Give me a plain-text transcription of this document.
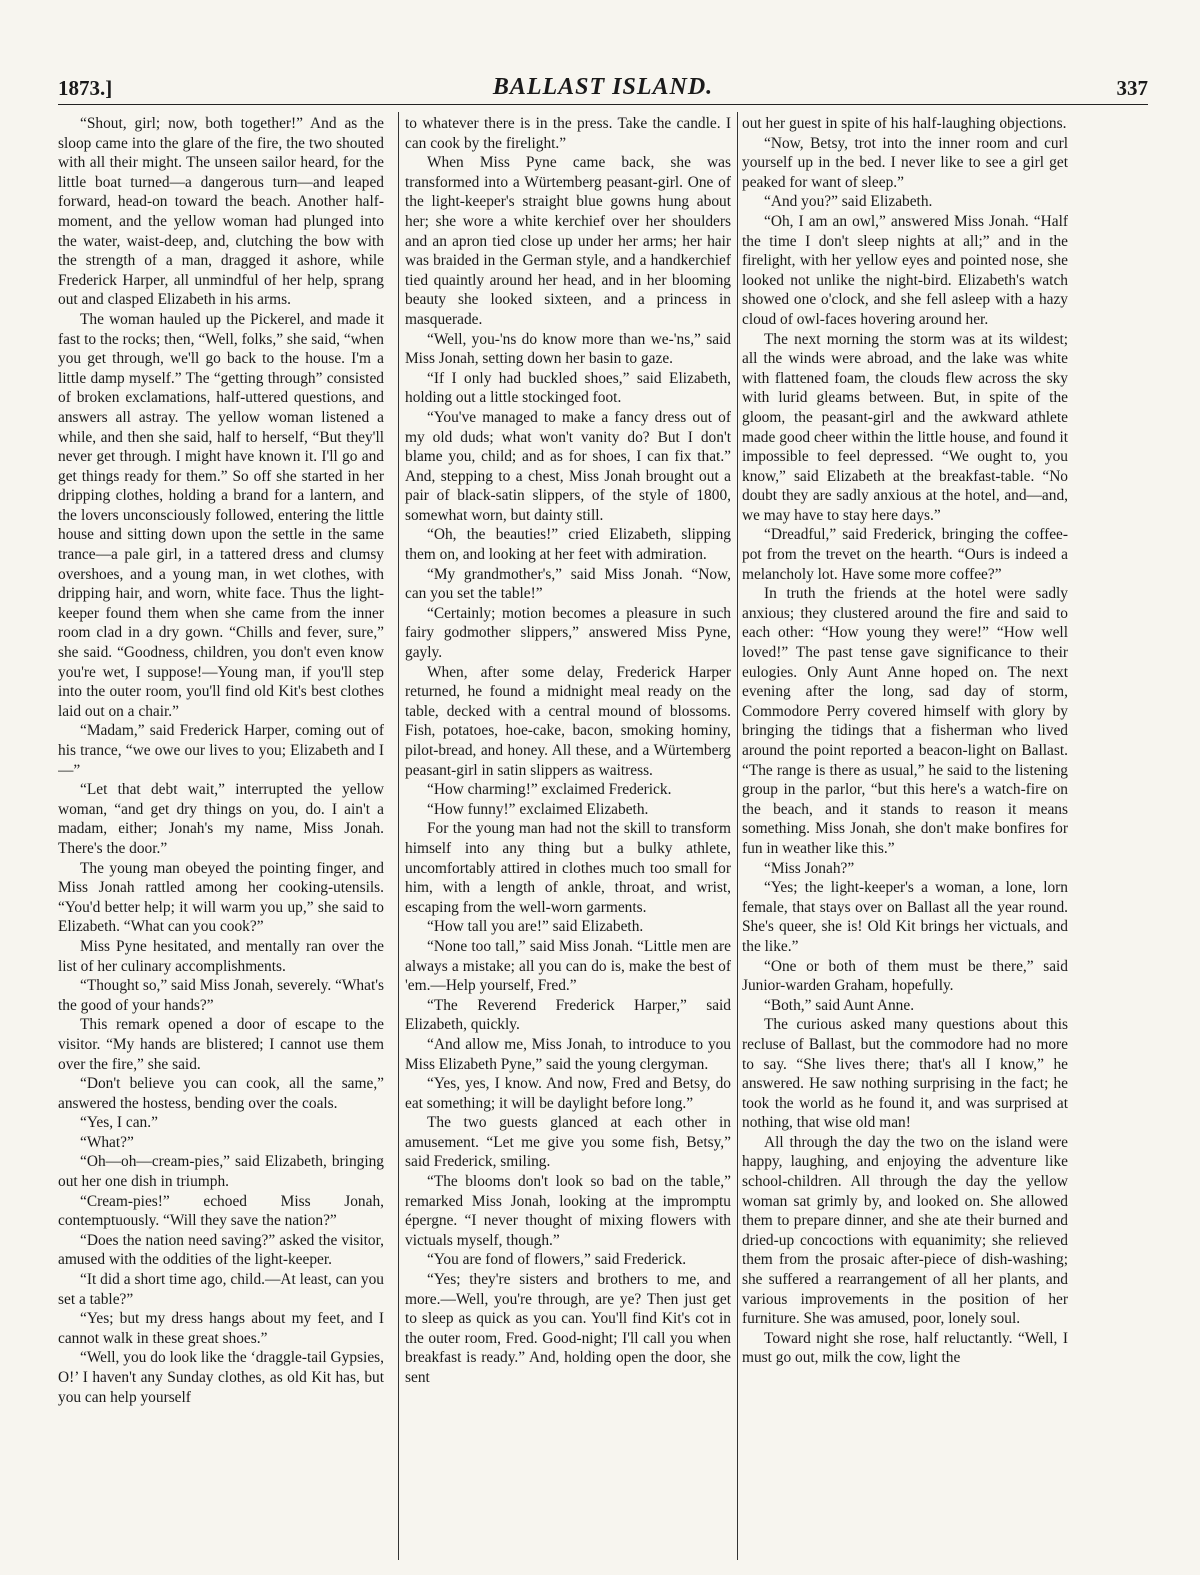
1873.]	BALLAST ISLAND.	337

“Shout, girl; now, both together!” And as the sloop came into the glare of the fire, the two shouted with all their might. The unseen sailor heard, for the little boat turned—a dangerous turn—and leaped forward, head-on toward the beach. Another half-moment, and the yellow woman had plunged into the water, waist-deep, and, clutching the bow with the strength of a man, dragged it ashore, while Frederick Harper, all unmindful of her help, sprang out and clasped Elizabeth in his arms.

The woman hauled up the Pickerel, and made it fast to the rocks; then, “Well, folks,” she said, “when you get through, we'll go back to the house. I'm a little damp myself.” The “getting through” consisted of broken exclamations, half-uttered questions, and answers all astray. The yellow woman listened a while, and then she said, half to herself, “But they'll never get through. I might have known it. I'll go and get things ready for them.” So off she started in her dripping clothes, holding a brand for a lantern, and the lovers unconsciously followed, entering the little house and sitting down upon the settle in the same trance—a pale girl, in a tattered dress and clumsy overshoes, and a young man, in wet clothes, with dripping hair, and worn, white face. Thus the light-keeper found them when she came from the inner room clad in a dry gown. “Chills and fever, sure,” she said. “Goodness, children, you don't even know you're wet, I suppose!—Young man, if you'll step into the outer room, you'll find old Kit's best clothes laid out on a chair.”

“Madam,” said Frederick Harper, coming out of his trance, “we owe our lives to you; Elizabeth and I—”

“Let that debt wait,” interrupted the yellow woman, “and get dry things on you, do. I ain't a madam, either; Jonah's my name, Miss Jonah. There's the door.”

The young man obeyed the pointing finger, and Miss Jonah rattled among her cooking-utensils. “You'd better help; it will warm you up,” she said to Elizabeth. “What can you cook?”

Miss Pyne hesitated, and mentally ran over the list of her culinary accomplishments.

“Thought so,” said Miss Jonah, severely. “What's the good of your hands?”

This remark opened a door of escape to the visitor. “My hands are blistered; I cannot use them over the fire,” she said.

“Don't believe you can cook, all the same,” answered the hostess, bending over the coals.

“Yes, I can.”

“What?”

“Oh—oh—cream-pies,” said Elizabeth, bringing out her one dish in triumph.

“Cream-pies!” echoed Miss Jonah, contemptuously. “Will they save the nation?”

“Does the nation need saving?” asked the visitor, amused with the oddities of the light-keeper.

“It did a short time ago, child.—At least, can you set a table?”

“Yes; but my dress hangs about my feet, and I cannot walk in these great shoes.”

“Well, you do look like the ‘draggle-tail Gypsies, O!’ I haven't any Sunday clothes, as old Kit has, but you can help yourself

to whatever there is in the press. Take the candle. I can cook by the firelight.”

When Miss Pyne came back, she was transformed into a Würtemberg peasant-girl. One of the light-keeper's straight blue gowns hung about her; she wore a white kerchief over her shoulders and an apron tied close up under her arms; her hair was braided in the German style, and a handkerchief tied quaintly around her head, and in her blooming beauty she looked sixteen, and a princess in masquerade.

“Well, you-'ns do know more than we-'ns,” said Miss Jonah, setting down her basin to gaze.

“If I only had buckled shoes,” said Elizabeth, holding out a little stockinged foot.

“You've managed to make a fancy dress out of my old duds; what won't vanity do? But I don't blame you, child; and as for shoes, I can fix that.” And, stepping to a chest, Miss Jonah brought out a pair of black-satin slippers, of the style of 1800, somewhat worn, but dainty still.

“Oh, the beauties!” cried Elizabeth, slipping them on, and looking at her feet with admiration.

“My grandmother's,” said Miss Jonah. “Now, can you set the table!”

“Certainly; motion becomes a pleasure in such fairy godmother slippers,” answered Miss Pyne, gayly.

When, after some delay, Frederick Harper returned, he found a midnight meal ready on the table, decked with a central mound of blossoms. Fish, potatoes, hoe-cake, bacon, smoking hominy, pilot-bread, and honey. All these, and a Würtemberg peasant-girl in satin slippers as waitress.

“How charming!” exclaimed Frederick.

“How funny!” exclaimed Elizabeth.

For the young man had not the skill to transform himself into any thing but a bulky athlete, uncomfortably attired in clothes much too small for him, with a length of ankle, throat, and wrist, escaping from the well-worn garments.

“How tall you are!” said Elizabeth.

“None too tall,” said Miss Jonah. “Little men are always a mistake; all you can do is, make the best of 'em.—Help yourself, Fred.”

“The Reverend Frederick Harper,” said Elizabeth, quickly.

“And allow me, Miss Jonah, to introduce to you Miss Elizabeth Pyne,” said the young clergyman.

“Yes, yes, I know. And now, Fred and Betsy, do eat something; it will be daylight before long.”

The two guests glanced at each other in amusement. “Let me give you some fish, Betsy,” said Frederick, smiling.

“The blooms don't look so bad on the table,” remarked Miss Jonah, looking at the impromptu épergne. “I never thought of mixing flowers with victuals myself, though.”

“You are fond of flowers,” said Frederick.

“Yes; they're sisters and brothers to me, and more.—Well, you're through, are ye? Then just get to sleep as quick as you can. You'll find Kit's cot in the outer room, Fred. Good-night; I'll call you when breakfast is ready.” And, holding open the door, she sent

out her guest in spite of his half-laughing objections.

“Now, Betsy, trot into the inner room and curl yourself up in the bed. I never like to see a girl get peaked for want of sleep.”

“And you?” said Elizabeth.

“Oh, I am an owl,” answered Miss Jonah. “Half the time I don't sleep nights at all;” and in the firelight, with her yellow eyes and pointed nose, she looked not unlike the night-bird. Elizabeth's watch showed one o'clock, and she fell asleep with a hazy cloud of owl-faces hovering around her.

The next morning the storm was at its wildest; all the winds were abroad, and the lake was white with flattened foam, the clouds flew across the sky with lurid gleams between. But, in spite of the gloom, the peasant-girl and the awkward athlete made good cheer within the little house, and found it impossible to feel depressed. “We ought to, you know,” said Elizabeth at the breakfast-table. “No doubt they are sadly anxious at the hotel, and—and, we may have to stay here days.”

“Dreadful,” said Frederick, bringing the coffee-pot from the trevet on the hearth. “Ours is indeed a melancholy lot. Have some more coffee?”

In truth the friends at the hotel were sadly anxious; they clustered around the fire and said to each other: “How young they were!” “How well loved!” The past tense gave significance to their eulogies. Only Aunt Anne hoped on. The next evening after the long, sad day of storm, Commodore Perry covered himself with glory by bringing the tidings that a fisherman who lived around the point reported a beacon-light on Ballast. “The range is there as usual,” he said to the listening group in the parlor, “but this here's a watch-fire on the beach, and it stands to reason it means something. Miss Jonah, she don't make bonfires for fun in weather like this.”

“Miss Jonah?”

“Yes; the light-keeper's a woman, a lone, lorn female, that stays over on Ballast all the year round. She's queer, she is! Old Kit brings her victuals, and the like.”

“One or both of them must be there,” said Junior-warden Graham, hopefully.

“Both,” said Aunt Anne.

The curious asked many questions about this recluse of Ballast, but the commodore had no more to say. “She lives there; that's all I know,” he answered. He saw nothing surprising in the fact; he took the world as he found it, and was surprised at nothing, that wise old man!

All through the day the two on the island were happy, laughing, and enjoying the adventure like school-children. All through the day the yellow woman sat grimly by, and looked on. She allowed them to prepare dinner, and she ate their burned and dried-up concoctions with equanimity; she relieved them from the prosaic after-piece of dish-washing; she suffered a rearrangement of all her plants, and various improvements in the position of her furniture. She was amused, poor, lonely soul.

Toward night she rose, half reluctantly. “Well, I must go out, milk the cow, light the
